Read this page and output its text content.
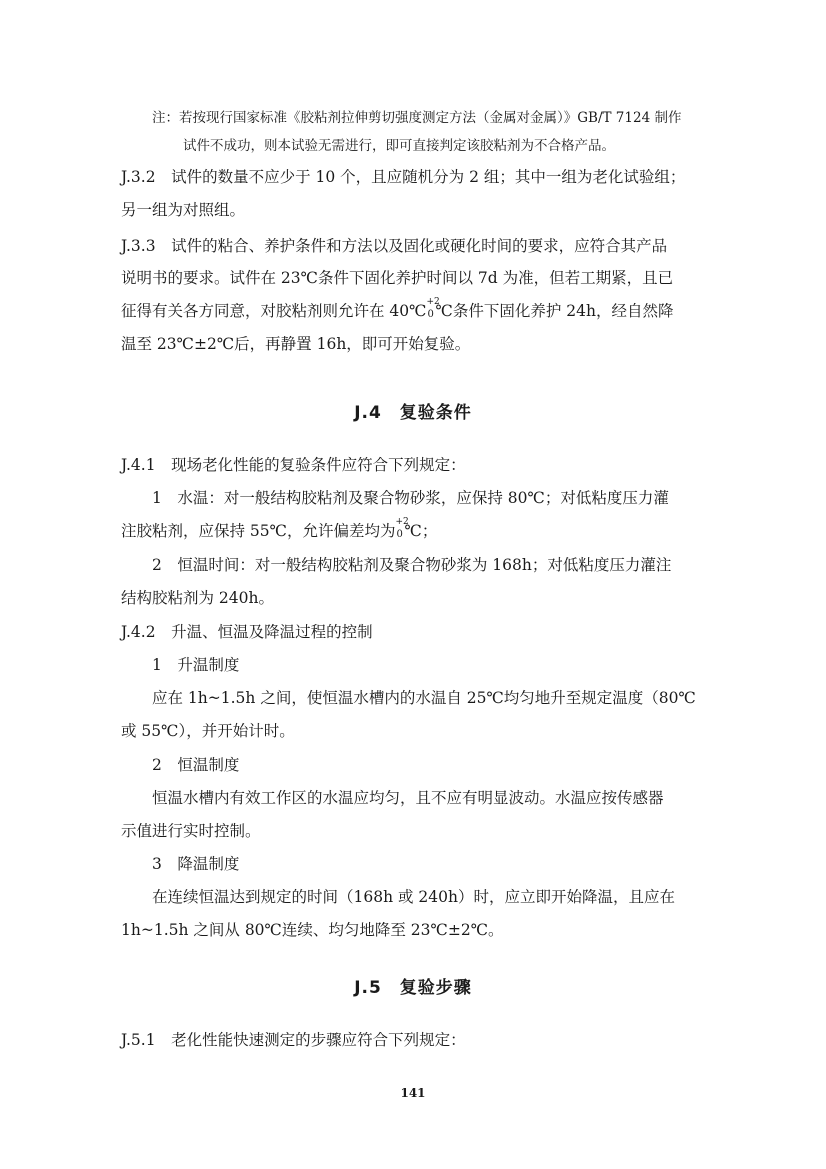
注：若按现行国家标准《胶粘剂拉伸剪切强度测定方法（金属对金属）》GB/T 7124 制作
试件不成功，则本试验无需进行，即可直接判定该胶粘剂为不合格产品。
J.3.2　试件的数量不应少于 10 个，且应随机分为 2 组；其中一组为老化试验组；
另一组为对照组。
J.3.3　试件的粘合、养护条件和方法以及固化或硬化时间的要求，应符合其产品
说明书的要求。试件在 23℃条件下固化养护时间以 7d 为准，但若工期紧，且已
征得有关各方同意，对胶粘剂则允许在 40℃ +2
0 ℃条件下固化养护 24h，经自然降
温至 23℃±2℃后，再静置 16h，即可开始复验。
J.4　复验条件
J.4.1　现场老化性能的复验条件应符合下列规定：
1　水温：对一般结构胶粘剂及聚合物砂浆，应保持 80℃；对低粘度压力灌
注胶粘剂，应保持 55℃，允许偏差均为 +2
0 ℃；
2　恒温时间：对一般结构胶粘剂及聚合物砂浆为 168h；对低粘度压力灌注
结构胶粘剂为 240h。
J.4.2　升温、恒温及降温过程的控制
1　升温制度
应在 1h~1.5h 之间，使恒温水槽内的水温自 25℃均匀地升至规定温度（80℃
或 55℃），并开始计时。
2　恒温制度
恒温水槽内有效工作区的水温应均匀，且不应有明显波动。水温应按传感器
示值进行实时控制。
3　降温制度
在连续恒温达到规定的时间（168h 或 240h）时，应立即开始降温，且应在
1h~1.5h 之间从 80℃连续、均匀地降至 23℃±2℃。
J.5　复验步骤
J.5.1　老化性能快速测定的步骤应符合下列规定：
141
